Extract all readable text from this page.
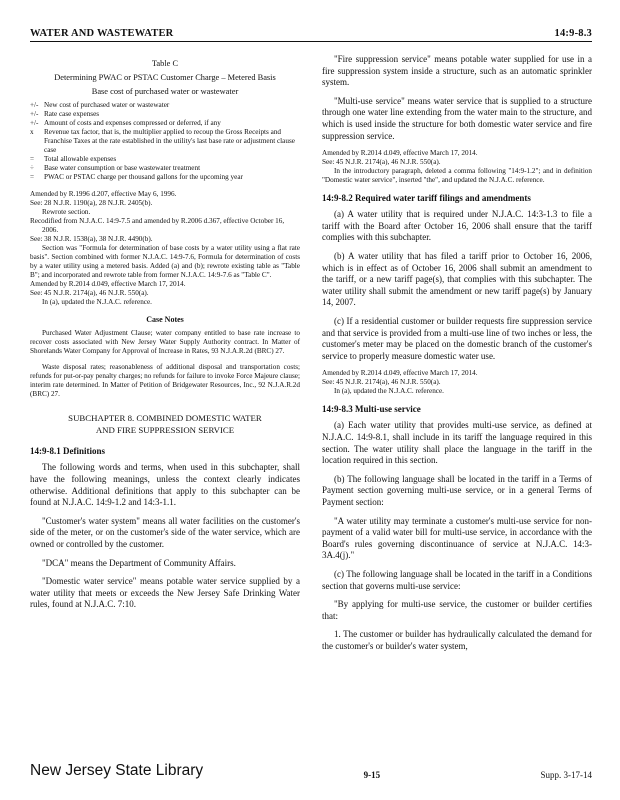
WATER AND WASTEWATER	14:9-8.3
Table C
Determining PWAC or PSTAC Customer Charge – Metered Basis
Base cost of purchased water or wastewater
+/- New cost of purchased water or wastewater
+/- Rate case expenses
+/- Amount of costs and expenses compressed or deferred, if any
x	Revenue tax factor, that is, the multiplier applied to recoup the Gross Receipts and Franchise Taxes at the rate established in the utility's last base rate or adjustment clause case
=	Total allowable expenses
÷	Base water consumption or base wastewater treatment
=	PWAC or PSTAC charge per thousand gallons for the upcoming year

Amended by R.1996 d.207, effective May 6, 1996.

See: 28 N.J.R. 1190(a), 28 N.J.R. 2405(b).

Rewrote section.

Recodified from N.J.A.C. 14:9-7.5 and amended by R.2006 d.367, effective October 16, 2006.

See: 38 N.J.R. 1538(a), 38 N.J.R. 4490(b).

Section was "Formula for determination of base costs by a water utility using a flat rate basis". Section combined with former N.J.A.C. 14:9-7.6, Formula for determination of costs by a water utility using a metered basis. Added (a) and (b); rewrote existing table as "Table B"; and incorporated and rewrote table from former N.J.A.C. 14:9-7.6 as "Table C".

Amended by R.2014 d.049, effective March 17, 2014.

See: 45 N.J.R. 2174(a), 46 N.J.R. 550(a).

In (a), updated the N.J.A.C. reference.

Case Notes

Purchased Water Adjustment Clause; water company entitled to base rate increase to recover costs associated with New Jersey Water Supply Authority contract. In Matter of Shorelands Water Company for Approval of Increase in Rates, 93 N.J.A.R.2d (BRC) 27.

Waste disposal rates; reasonableness of additional disposal and transportation costs; refunds for put-or-pay penalty charges; no refunds for failure to invoke Force Majeure clause; interim rate determined. In Matter of Petition of Bridgewater Resources, Inc., 92 N.J.A.R.2d (BRC) 27.

SUBCHAPTER 8. COMBINED DOMESTIC WATER
AND FIRE SUPPRESSION SERVICE
14:9-8.1 Definitions

The following words and terms, when used in this subchapter, shall have the following meanings, unless the context clearly indicates otherwise. Additional definitions that apply to this subchapter can be found at N.J.A.C. 14:9-1.2 and 14:3-1.1.

"Customer's water system" means all water facilities on the customer's side of the meter, or on the customer's side of the water service, which are owned or controlled by the customer.

"DCA" means the Department of Community Affairs.

"Domestic water service" means potable water service supplied by a water utility that meets or exceeds the New Jersey Safe Drinking Water rules, found at N.J.A.C. 7:10.

"Fire suppression service" means potable water supplied for use in a fire suppression system inside a structure, such as an automatic sprinkler system.

"Multi-use service" means water service that is supplied to a structure through one water line extending from the water main to the structure, and which is used inside the structure for both domestic water service and fire suppression service.

Amended by R.2014 d.049, effective March 17, 2014.

See: 45 N.J.R. 2174(a), 46 N.J.R. 550(a).

In the introductory paragraph, deleted a comma following "14:9-1.2"; and in definition "Domestic water service", inserted "the", and updated the N.J.A.C. reference.

14:9-8.2 Required water tariff filings and amendments

(a) A water utility that is required under N.J.A.C. 14:3-1.3 to file a tariff with the Board after October 16, 2006 shall ensure that the tariff complies with this subchapter.

(b) A water utility that has filed a tariff prior to October 16, 2006, which is in effect as of October 16, 2006 shall submit an amendment to the tariff, or a new tariff page(s), that complies with this subchapter. The water utility shall submit the amendment or new tariff page(s) by January 14, 2007.

(c) If a residential customer or builder requests fire suppression service and that service is provided from a multi-use line of two inches or less, the customer's meter may be placed on the domestic branch of the customer's service to properly measure domestic water use.

Amended by R.2014 d.049, effective March 17, 2014.

See: 45 N.J.R. 2174(a), 46 N.J.R. 550(a).

In (a), updated the N.J.A.C. reference.

14:9-8.3 Multi-use service

(a) Each water utility that provides multi-use service, as defined at N.J.A.C. 14:9-8.1, shall include in its tariff the language required in this section. The water utility shall place the language in the tariff in the location required in this section.

(b) The following language shall be located in the tariff in a Terms of Payment section governing multi-use service, or in a general Terms of Payment section:

"A water utility may terminate a customer's multi-use service for non-payment of a valid water bill for multi-use service, in accordance with the Board's rules governing discontinuance of service at N.J.A.C. 14:3-3A.4(j)."

(c) The following language shall be located in the tariff in a Conditions section that governs multi-use service:

"By applying for multi-use service, the customer or builder certifies that:

1. The customer or builder has hydraulically calculated the demand for the customer's or builder's water system,

New Jersey State Library	9-15	Supp. 3-17-14
